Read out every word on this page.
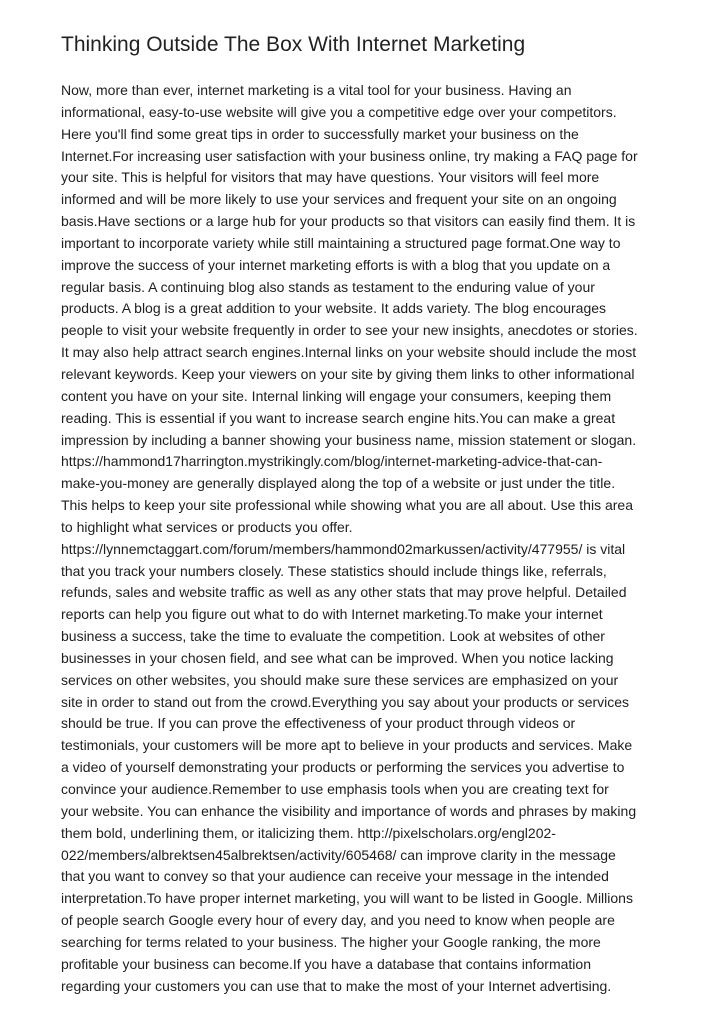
Thinking Outside The Box With Internet Marketing
Now, more than ever, internet marketing is a vital tool for your business. Having an
informational, easy-to-use website will give you a competitive edge over your competitors.
Here you'll find some great tips in order to successfully market your business on the
Internet.For increasing user satisfaction with your business online, try making a FAQ page for
your site. This is helpful for visitors that may have questions. Your visitors will feel more
informed and will be more likely to use your services and frequent your site on an ongoing
basis.Have sections or a large hub for your products so that visitors can easily find them. It is
important to incorporate variety while still maintaining a structured page format.One way to
improve the success of your internet marketing efforts is with a blog that you update on a
regular basis. A continuing blog also stands as testament to the enduring value of your
products. A blog is a great addition to your website. It adds variety. The blog encourages
people to visit your website frequently in order to see your new insights, anecdotes or stories.
It may also help attract search engines.Internal links on your website should include the most
relevant keywords. Keep your viewers on your site by giving them links to other informational
content you have on your site. Internal linking will engage your consumers, keeping them
reading. This is essential if you want to increase search engine hits.You can make a great
impression by including a banner showing your business name, mission statement or slogan.
https://hammond17harrington.mystrikingly.com/blog/internet-marketing-advice-that-can-
make-you-money are generally displayed along the top of a website or just under the title.
This helps to keep your site professional while showing what you are all about. Use this area
to highlight what services or products you offer.
https://lynnemctaggart.com/forum/members/hammond02markussen/activity/477955/ is vital
that you track your numbers closely. These statistics should include things like, referrals,
refunds, sales and website traffic as well as any other stats that may prove helpful. Detailed
reports can help you figure out what to do with Internet marketing.To make your internet
business a success, take the time to evaluate the competition. Look at websites of other
businesses in your chosen field, and see what can be improved. When you notice lacking
services on other websites, you should make sure these services are emphasized on your
site in order to stand out from the crowd.Everything you say about your products or services
should be true. If you can prove the effectiveness of your product through videos or
testimonials, your customers will be more apt to believe in your products and services. Make
a video of yourself demonstrating your products or performing the services you advertise to
convince your audience.Remember to use emphasis tools when you are creating text for
your website. You can enhance the visibility and importance of words and phrases by making
them bold, underlining them, or italicizing them. http://pixelscholars.org/engl202-
022/members/albrektsen45albrektsen/activity/605468/ can improve clarity in the message
that you want to convey so that your audience can receive your message in the intended
interpretation.To have proper internet marketing, you will want to be listed in Google. Millions
of people search Google every hour of every day, and you need to know when people are
searching for terms related to your business. The higher your Google ranking, the more
profitable your business can become.If you have a database that contains information
regarding your customers you can use that to make the most of your Internet advertising.
